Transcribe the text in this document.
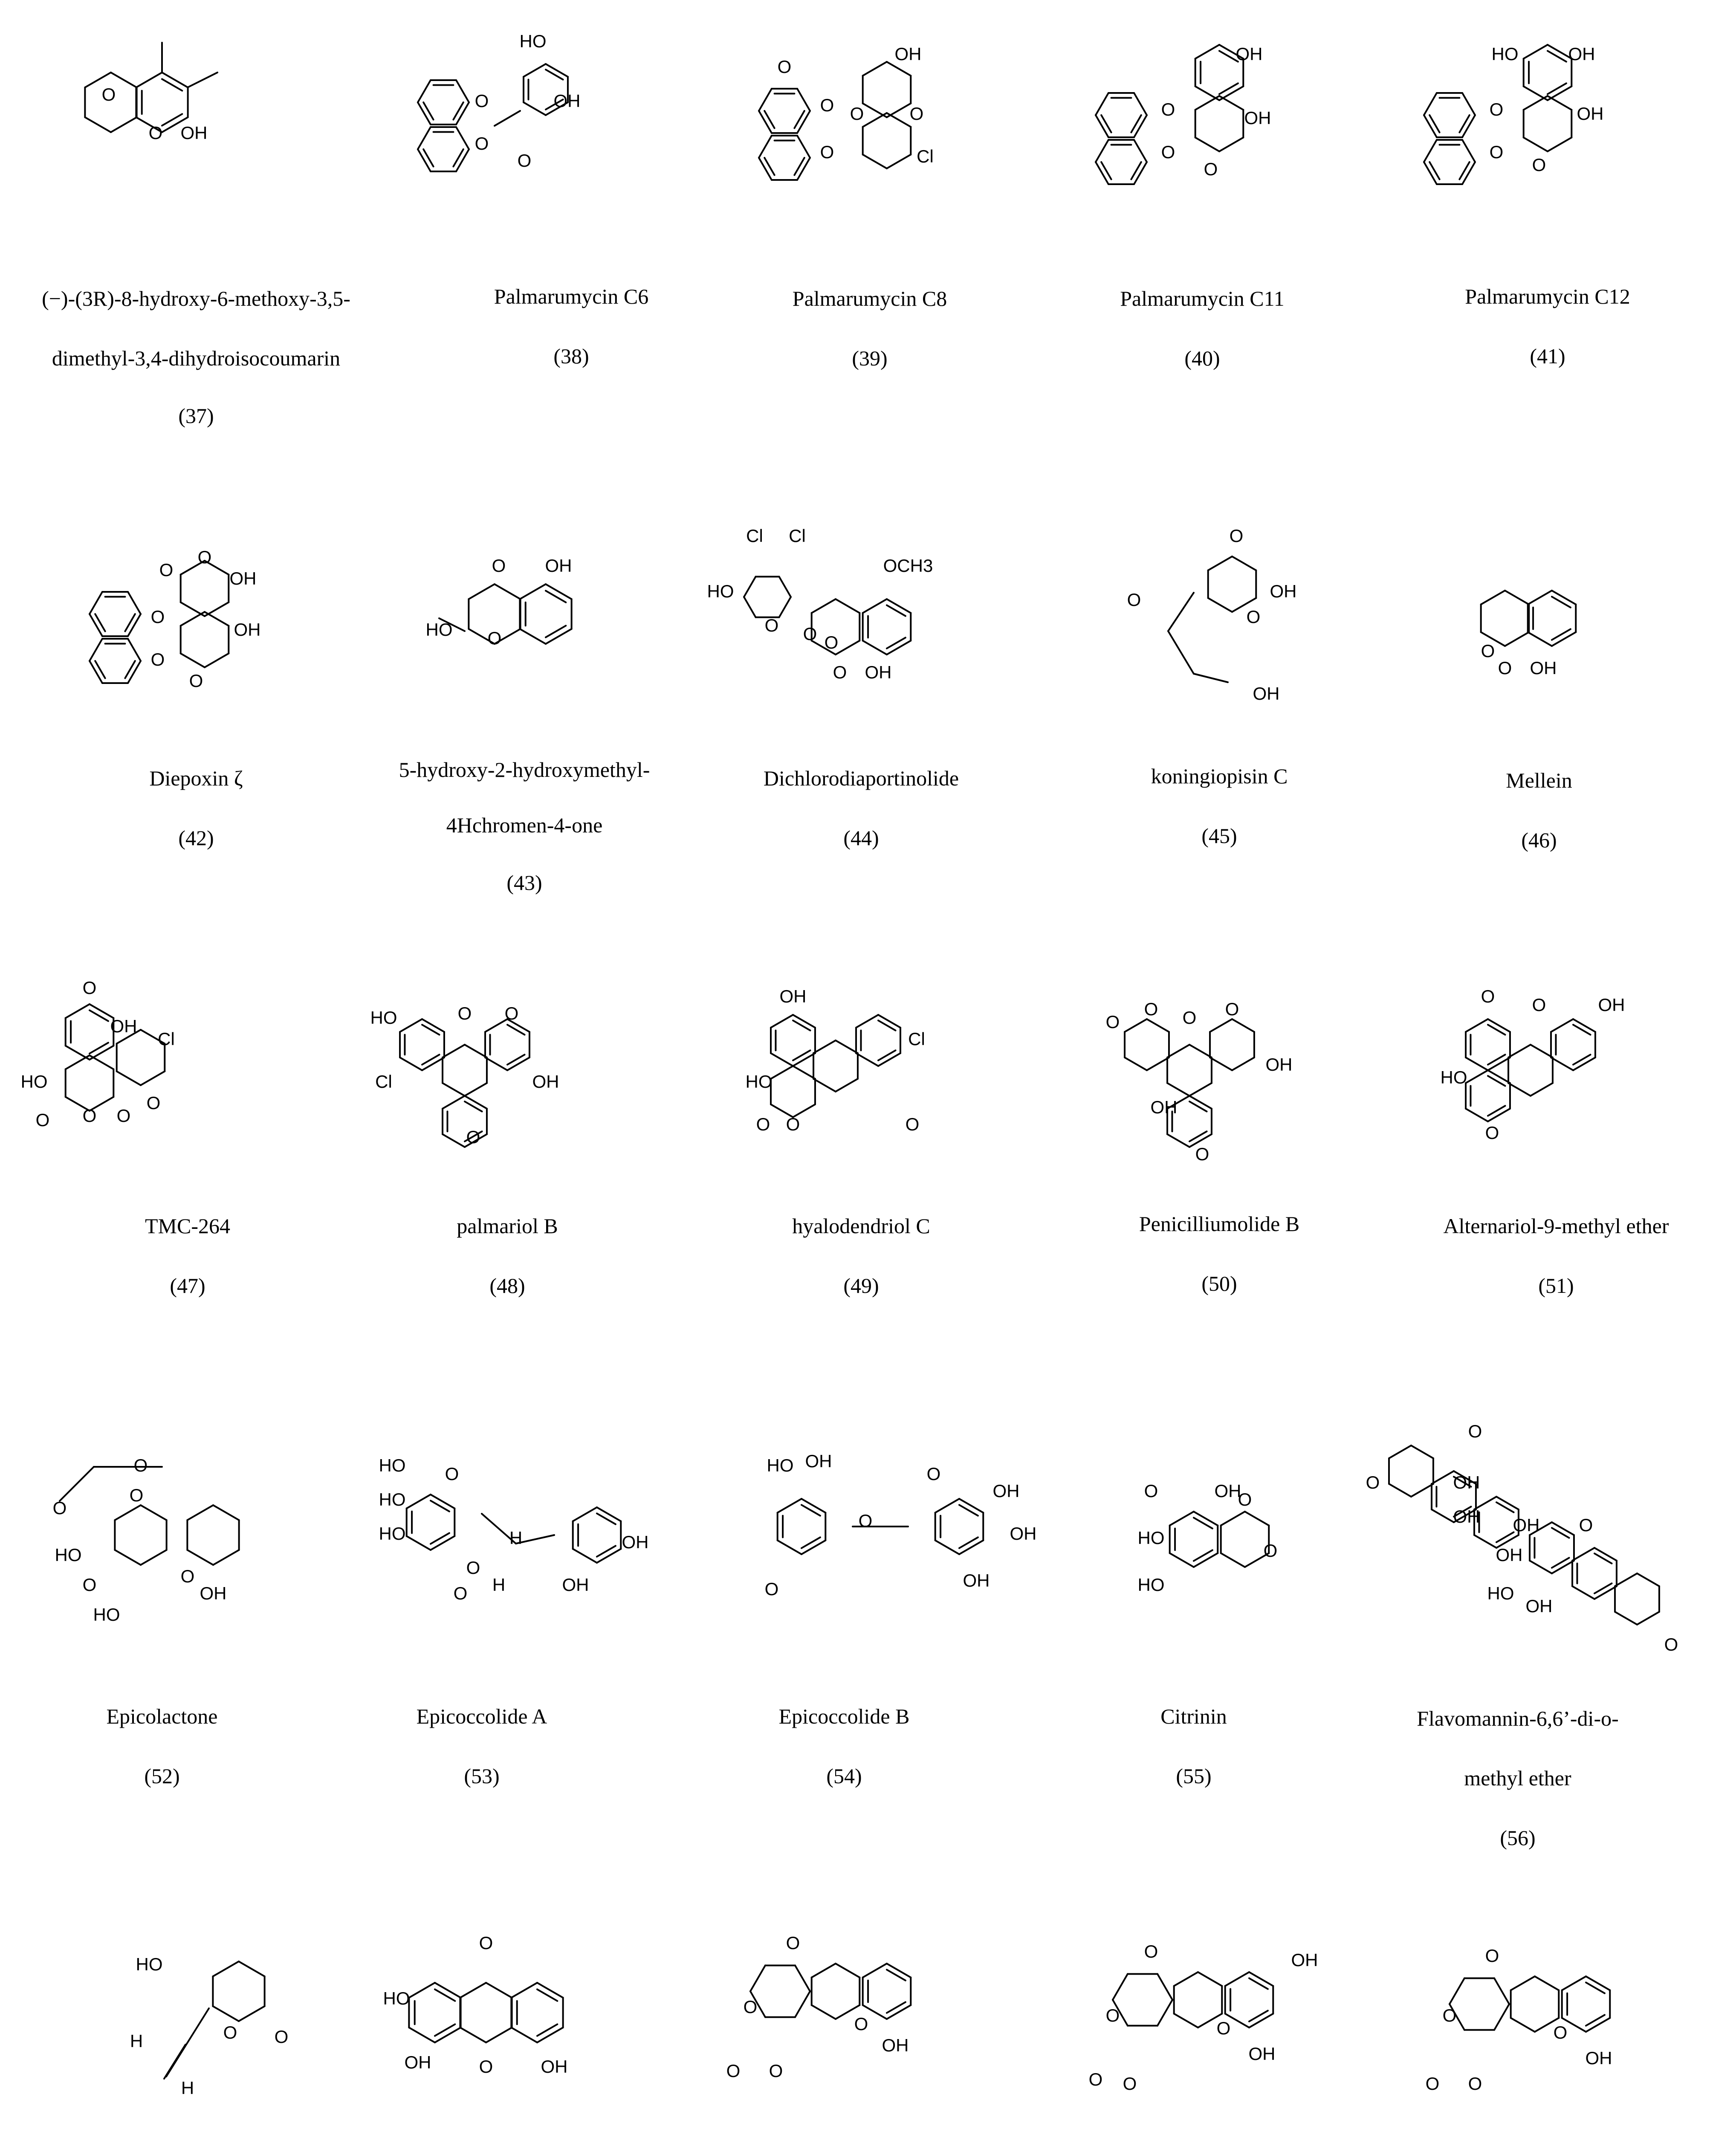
O
O OH
HO
O
O
OH
O
O
OH
O
O
O	O
Cl
OH
O
O
OH
O
HO	OH
O
O
OH
O
(−)-(3R)-8-hydroxy-6-methoxy-3,5-
dimethyl-3,4-dihydroisocoumarin
(37)
Palmarumycin C6
(38)
Palmarumycin C8
(39)
Palmarumycin C11
(40)
Palmarumycin C12
(41)
O
O
OH
O
O
OH
O
O OH
HO O
Cl Cl
HO
O O O
O OH
OCH3
O
O
O
OH
OH
O
O OH
Diepoxin ζ
(42)
5-hydroxy-2-hydroxymethyl-
4Hchromen-4-one
(43)
Dichlorodiaportinolide
(44)
koningiopisin C
(45)
Mellein
(46)
O
OH
Cl
HO
O O O
O
HO	O O
Cl	OH
O
OH
Cl
HO
O O	O
O
O O O
OH
OH
O
O O	OH
HO
O
TMC-264
(47)
palmariol B
(48)
hyalodendriol C
(49)
Penicilliumolide B
(50)
Alternariol-9-methyl ether
(51)
O
O
O
HO
O	O
OH
HO
HO
HO
HO
O
O
H
O H
OH
OH
HO OH
O
O
OH
OH
O
OH
O
HO
O
OH
HO
O
O
O
OH
OH
OH
OH O
OH
HO
O
Epicolactone
(52)
Epicoccolide A
(53)
Epicoccolide B
(54)
Citrinin
(55)
Flavomannin-6,6’-di-o-
methyl ether
(56)
HO
H	O O
H
O
HO
OH	O	OH
O
O
O
O O
OH
O	OH
O
O
O
O
OH
O
O
O
O O
OH
